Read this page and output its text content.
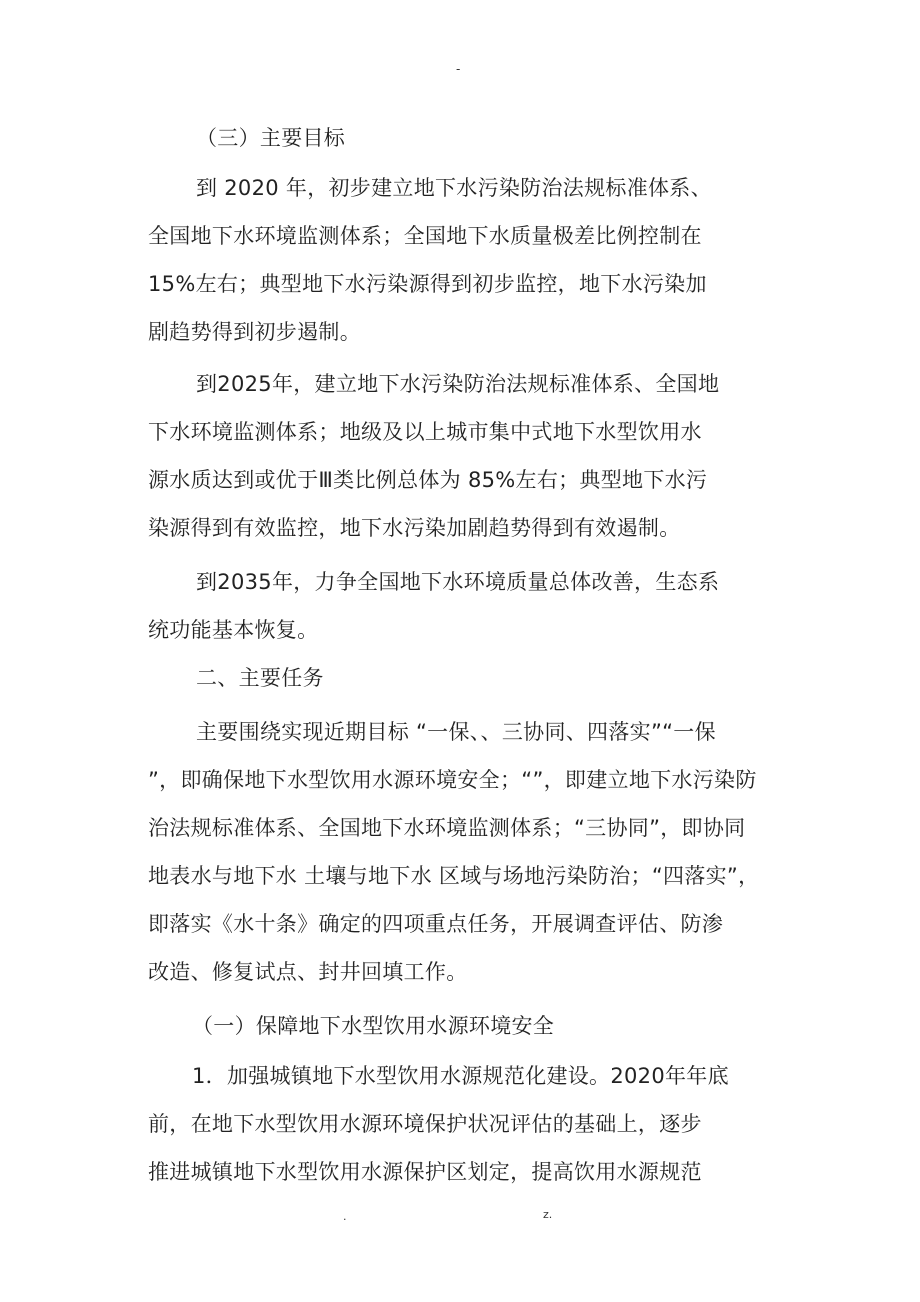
-
（三）主要目标
到 2020 年，初步建立地下水污染防治法规标准体系、
全国地下水环境监测体系；全国地下水质量极差比例控制在
15%左右；典型地下水污染源得到初步监控，地下水污染加
剧趋势得到初步遏制。
到2025年，建立地下水污染防治法规标准体系、全国地
下水环境监测体系；地级及以上城市集中式地下水型饮用水
源水质达到或优于Ⅲ类比例总体为 85%左右；典型地下水污
染源得到有效监控，地下水污染加剧趋势得到有效遏制。
到2035年，力争全国地下水环境质量总体改善，生态系
统功能基本恢复。
二、主要任务
主要围绕实现近期目标 “一保、、三协同、四落实”“一保
”，即确保地下水型饮用水源环境安全；“”，即建立地下水污染防
治法规标准体系、全国地下水环境监测体系；“三协同”，即协同
地表水与地下水 土壤与地下水 区域与场地污染防治；“四落实”，
即落实《水十条》确定的四项重点任务，开展调查评估、防渗
改造、修复试点、封井回填工作。
（一）保障地下水型饮用水源环境安全
1．加强城镇地下水型饮用水源规范化建设。2020年年底
前，在地下水型饮用水源环境保护状况评估的基础上，逐步
推进城镇地下水型饮用水源保护区划定，提高饮用水源规范
.	z.
